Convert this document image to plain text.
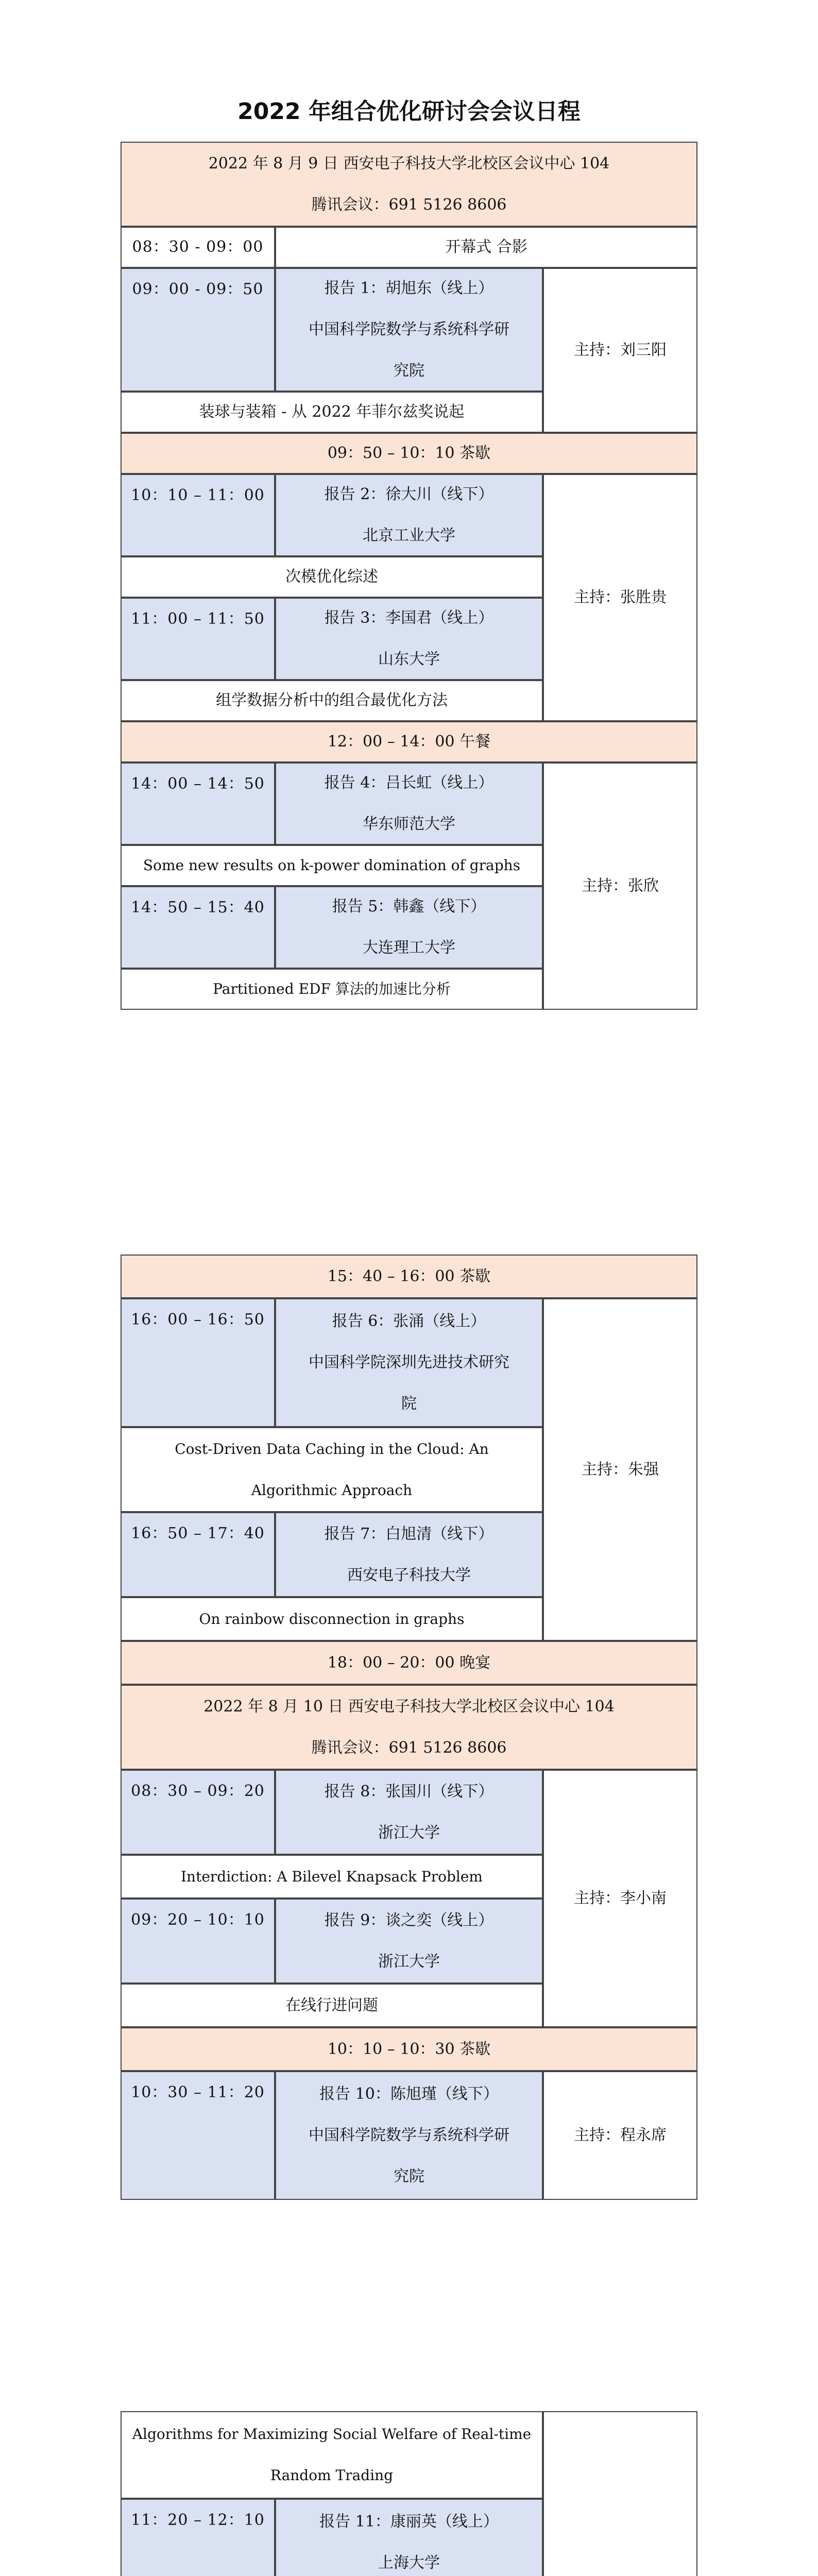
2022 年组合优化研讨会会议日程
2022 年 8 月 9 日 西安电子科技大学北校区会议中心 104
腾讯会议：691 5126 8606
08：30 - 09：00	开幕式 合影
09：00 - 09：50	报告 1：胡旭东（线上）
中国科学院数学与系统科学研
究院
装球与装箱 - 从 2022 年菲尔兹奖说起
主持：刘三阳
09：50 – 10：10 茶歇
10：10 – 11：00	报告 2：徐大川（线下）
北京工业大学
次模优化综述
11：00 – 11：50	报告 3：李国君（线上）
山东大学
组学数据分析中的组合最优化方法
主持：张胜贵
12：00 – 14：00 午餐
14：00 – 14：50	报告 4：吕长虹（线上）
华东师范大学
Some new results on k-power domination of graphs
14：50 – 15：40	报告 5：韩鑫（线下）
大连理工大学
Partitioned EDF 算法的加速比分析
主持：张欣
15：40 – 16：00 茶歇
16：00 – 16：50	报告 6：张涌（线上）
中国科学院深圳先进技术研究
院
Cost-Driven Data Caching in the Cloud: An
Algorithmic Approach
16：50 – 17：40	报告 7：白旭清（线下）
西安电子科技大学
On rainbow disconnection in graphs
主持：朱强
18：00 – 20：00 晚宴
2022 年 8 月 10 日 西安电子科技大学北校区会议中心 104
腾讯会议：691 5126 8606
08：30 – 09：20	报告 8：张国川（线下）
浙江大学
Interdiction: A Bilevel Knapsack Problem
09：20 – 10：10	报告 9：谈之奕（线上）
浙江大学
在线行进问题
主持：李小南
10：10 – 10：30 茶歇
10：30 – 11：20	报告 10：陈旭瑾（线下）
中国科学院数学与系统科学研
究院
主持：程永席
Algorithms for Maximizing Social Welfare of Real-time
Random Trading
11：20 – 12：10	报告 11：康丽英（线上）
上海大学
